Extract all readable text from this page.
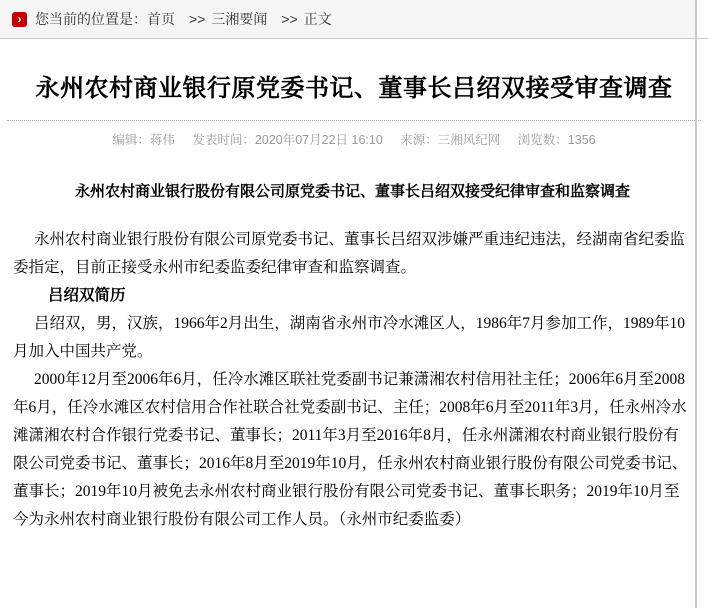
› 您当前的位置是： 首页 >> 三湘要闻 >> 正文
永州农村商业银行原党委书记、董事长吕绍双接受审查调查
编辑：蒋伟 发表时间：2020年07月22日 16:10 来源：三湘风纪网 浏览数：1356

永州农村商业银行股份有限公司原党委书记、董事长吕绍双接受纪律审查和监察调查

永州农村商业银行股份有限公司原党委书记、董事长吕绍双涉嫌严重违纪违法，经湖南省纪委监委指定，目前正接受永州市纪委监委纪律审查和监察调查。

吕绍双简历

吕绍双，男，汉族，1966年2月出生，湖南省永州市冷水滩区人，1986年7月参加工作，1989年10月加入中国共产党。

2000年12月至2006年6月，任冷水滩区联社党委副书记兼潇湘农村信用社主任；2006年6月至2008年6月，任冷水滩区农村信用合作社联合社党委副书记、主任；2008年6月至2011年3月，任永州冷水滩潇湘农村合作银行党委书记、董事长；2011年3月至2016年8月，任永州潇湘农村商业银行股份有限公司党委书记、董事长；2016年8月至2019年10月，任永州农村商业银行股份有限公司党委书记、董事长；2019年10月被免去永州农村商业银行股份有限公司党委书记、董事长职务；2019年10月至今为永州农村商业银行股份有限公司工作人员。（永州市纪委监委）
